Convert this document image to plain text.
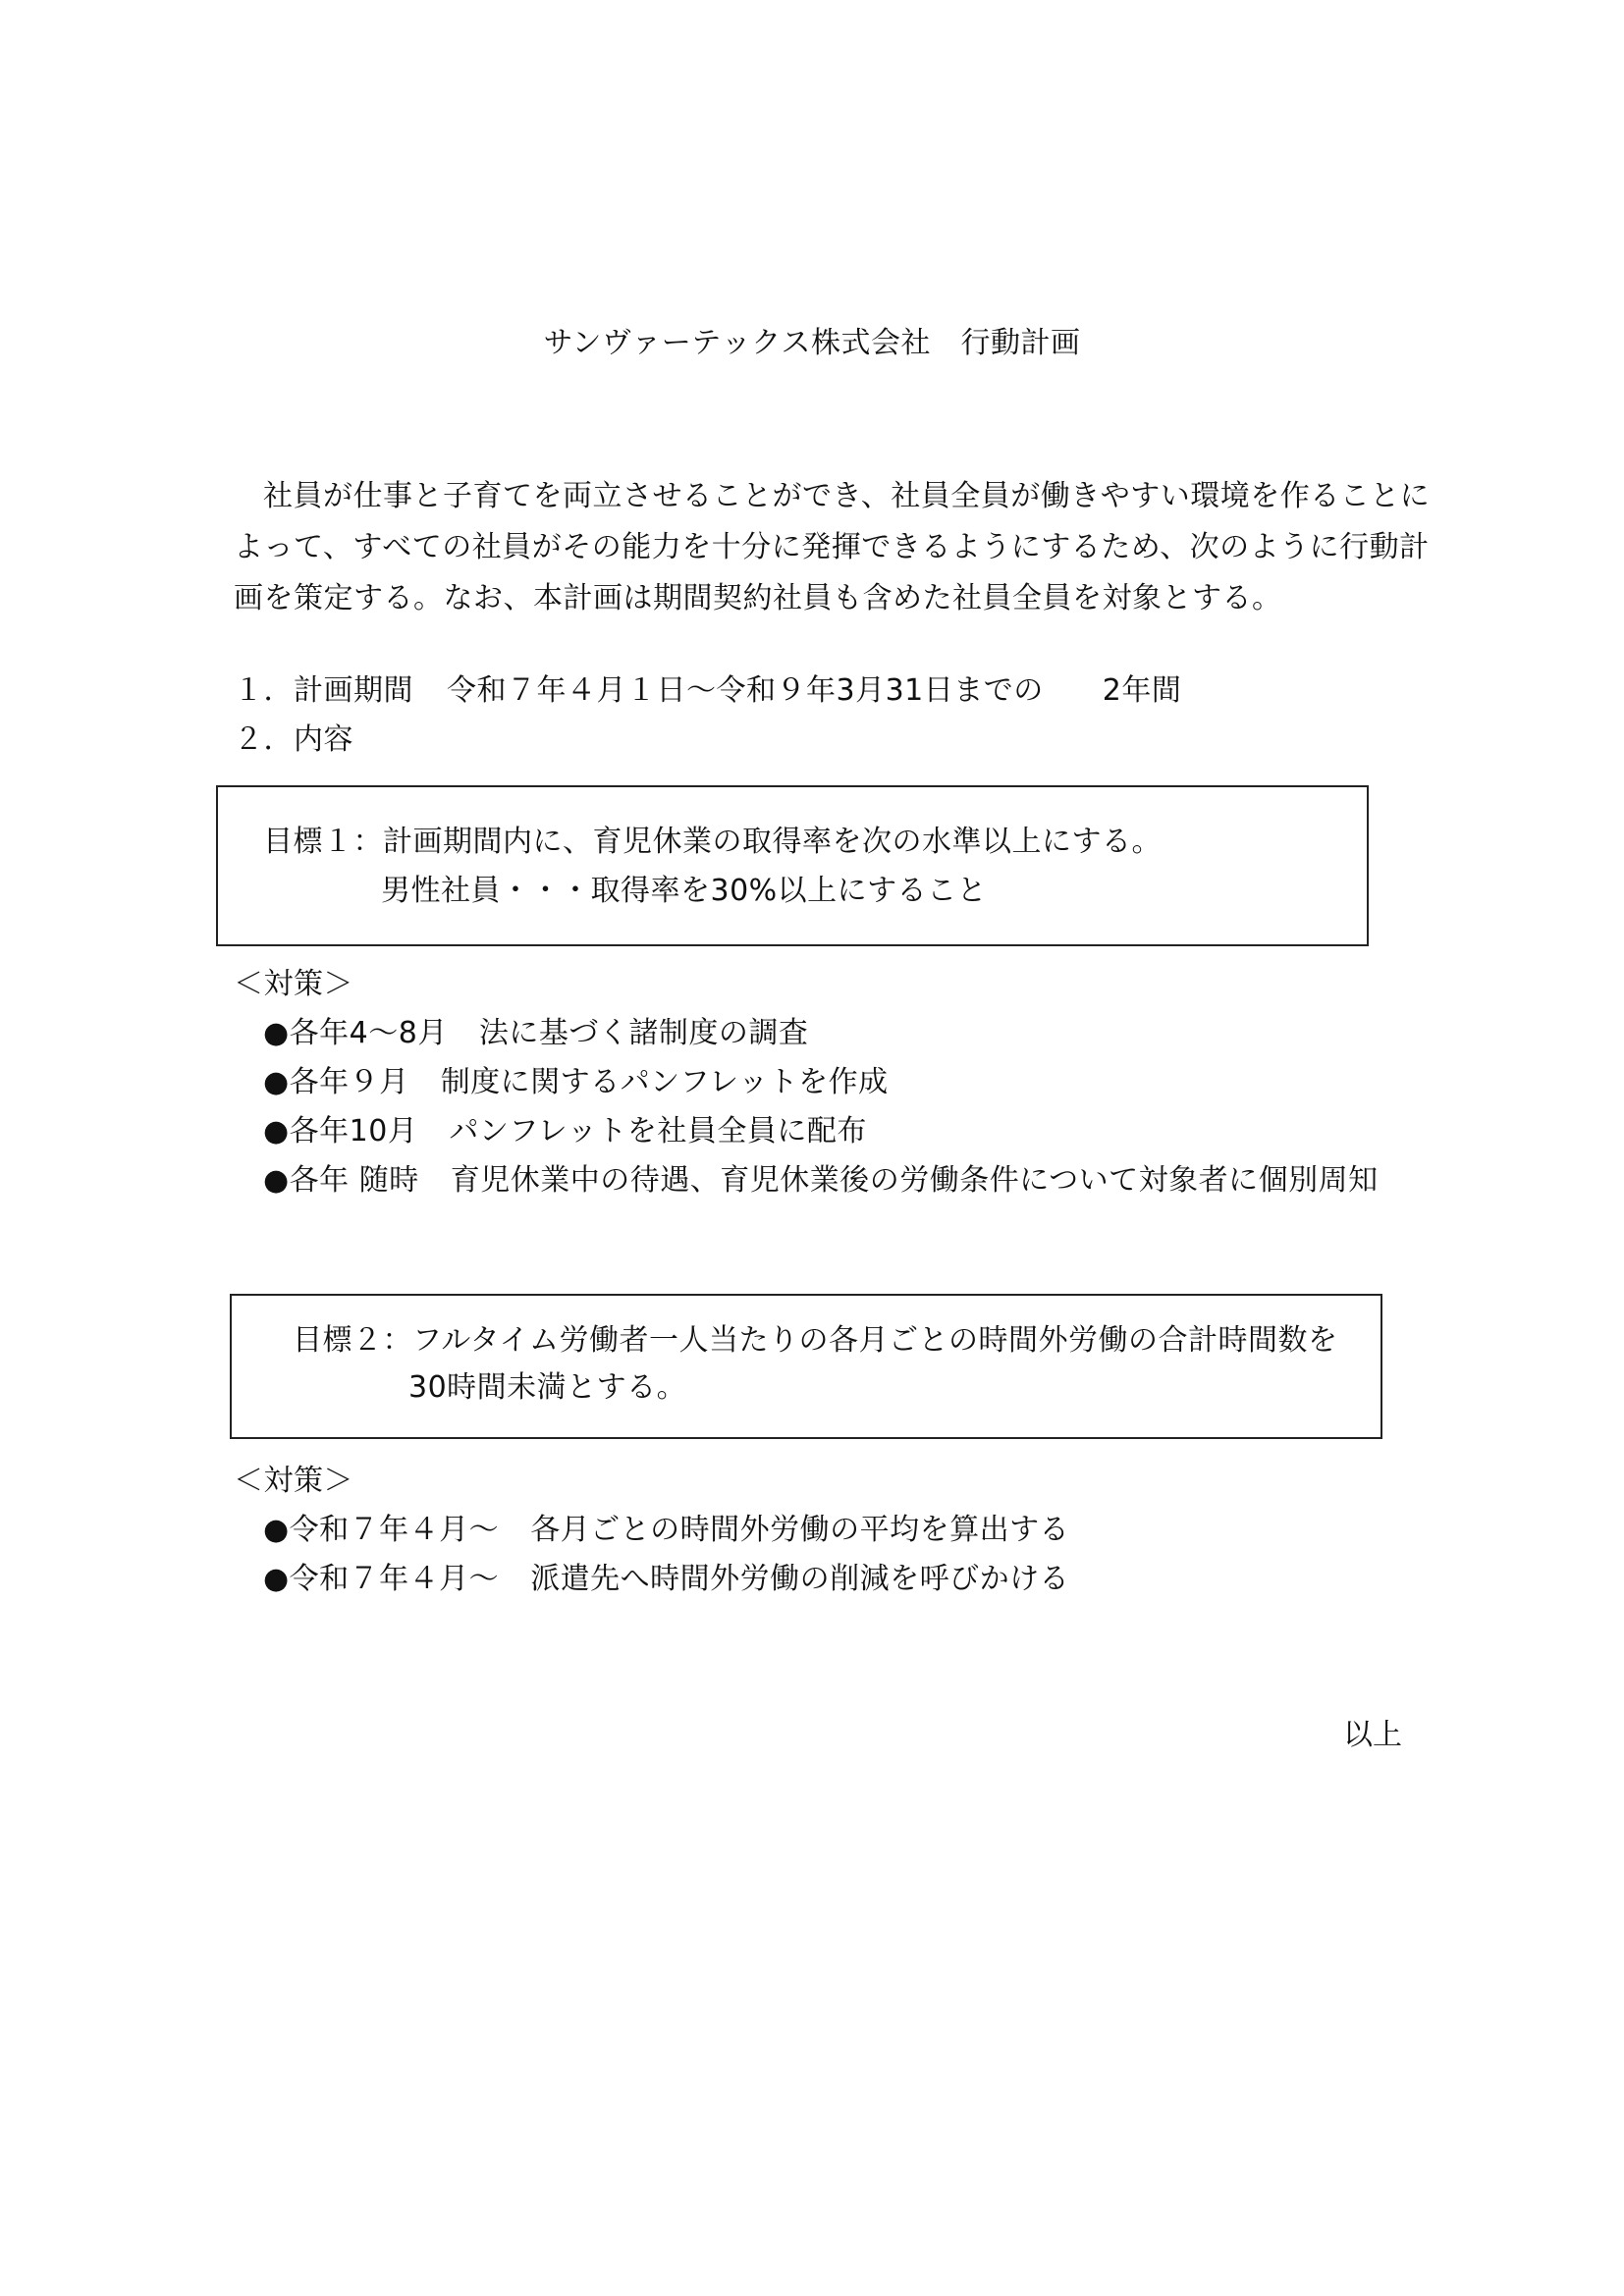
サンヴァーテックス株式会社　行動計画

社員が仕事と子育てを両立させることができ、社員全員が働きやすい環境を作ることに

よって、すべての社員がその能力を十分に発揮できるようにするため、次のように行動計

画を策定する。なお、本計画は期間契約社員も含めた社員全員を対象とする。

１．計画期間 令和７年４月１日〜令和９年3月31日までの 2年間
２．内容
目標１：計画期間内に、育児休業の取得率を次の水準以上にする。
男性社員・・・取得率を30%以上にすること

＜対策＞

●各年4〜8月 法に基づく諸制度の調査
●各年９月 制度に関するパンフレットを作成
●各年10月 パンフレットを社員全員に配布
●各年 随時 育児休業中の待遇、育児休業後の労働条件について対象者に個別周知
目標２：フルタイム労働者一人当たりの各月ごとの時間外労働の合計時間数を
30時間未満とする。

＜対策＞

●令和７年４月〜 各月ごとの時間外労働の平均を算出する
●令和７年４月〜 派遣先へ時間外労働の削減を呼びかける
以上
